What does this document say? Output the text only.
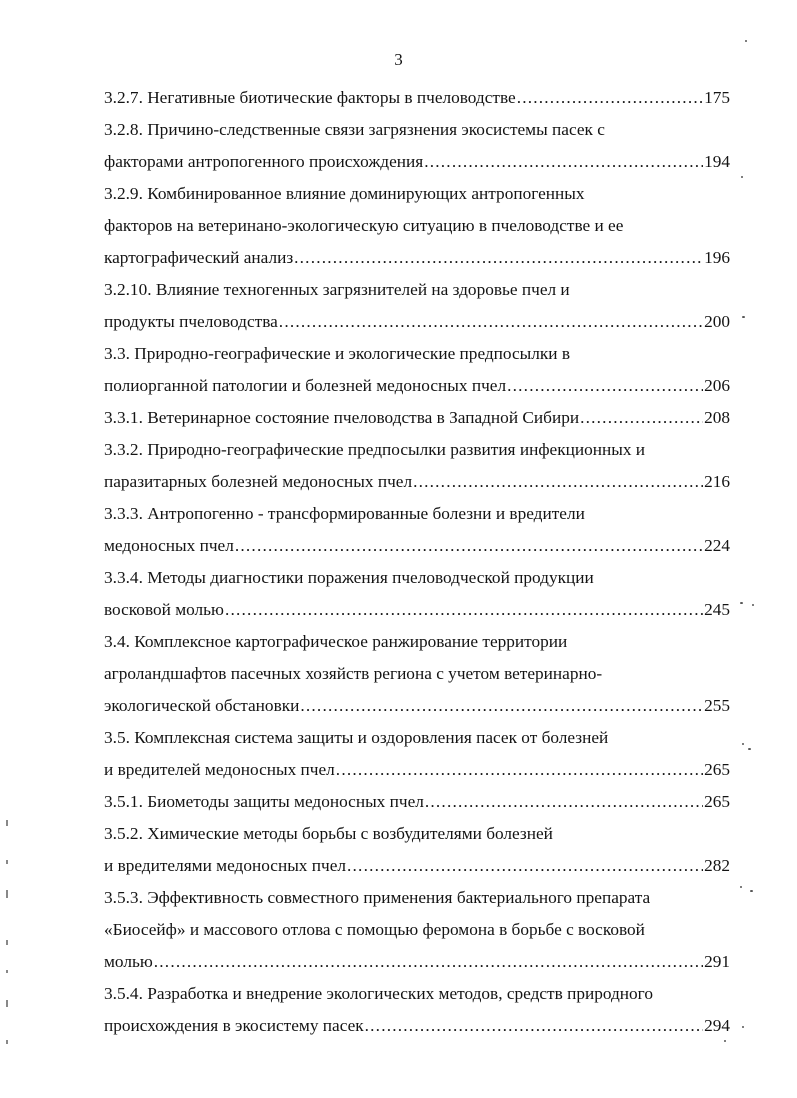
3
3.2.7. Негативные биотические факторы в пчеловодстве .....	175
3.2.8. Причино-следственные связи загрязнения экосистемы пасек с
факторами антропогенного происхождения .....	194
3.2.9. Комбинированное влияние доминирующих антропогенных
факторов на ветеринано-экологическую ситуацию в пчеловодстве и ее
картографический анализ .....	196
3.2.10. Влияние техногенных загрязнителей на здоровье пчел и
продукты пчеловодства .....	200
3.3. Природно-географические и экологические предпосылки в
полиорганной патологии и болезней медоносных пчел .....	206
3.3.1. Ветеринарное состояние пчеловодства в Западной Сибири .....	208
3.3.2. Природно-географические предпосылки развития инфекционных и
паразитарных болезней медоносных пчел .....	216
3.3.3. Антропогенно - трансформированные болезни и вредители
медоносных пчел .....	224
3.3.4. Методы диагностики поражения пчеловодческой продукции
восковой молью .....	245
3.4. Комплексное картографическое ранжирование территории
агроландшафтов пасечных хозяйств региона с учетом ветеринарно-
экологической обстановки .....	255
3.5. Комплексная система защиты и оздоровления пасек от болезней
и вредителей медоносных пчел .....	265
3.5.1. Биометоды защиты медоносных пчел .....	265
3.5.2. Химические методы борьбы с возбудителями болезней
и вредителями медоносных пчел .....	282
3.5.3. Эффективность совместного применения бактериального препарата
«Биосейф» и массового отлова с помощью феромона в борьбе с восковой
молью .....	291
3.5.4. Разработка и внедрение экологических методов, средств природного
происхождения в экосистему пасек .....	294
